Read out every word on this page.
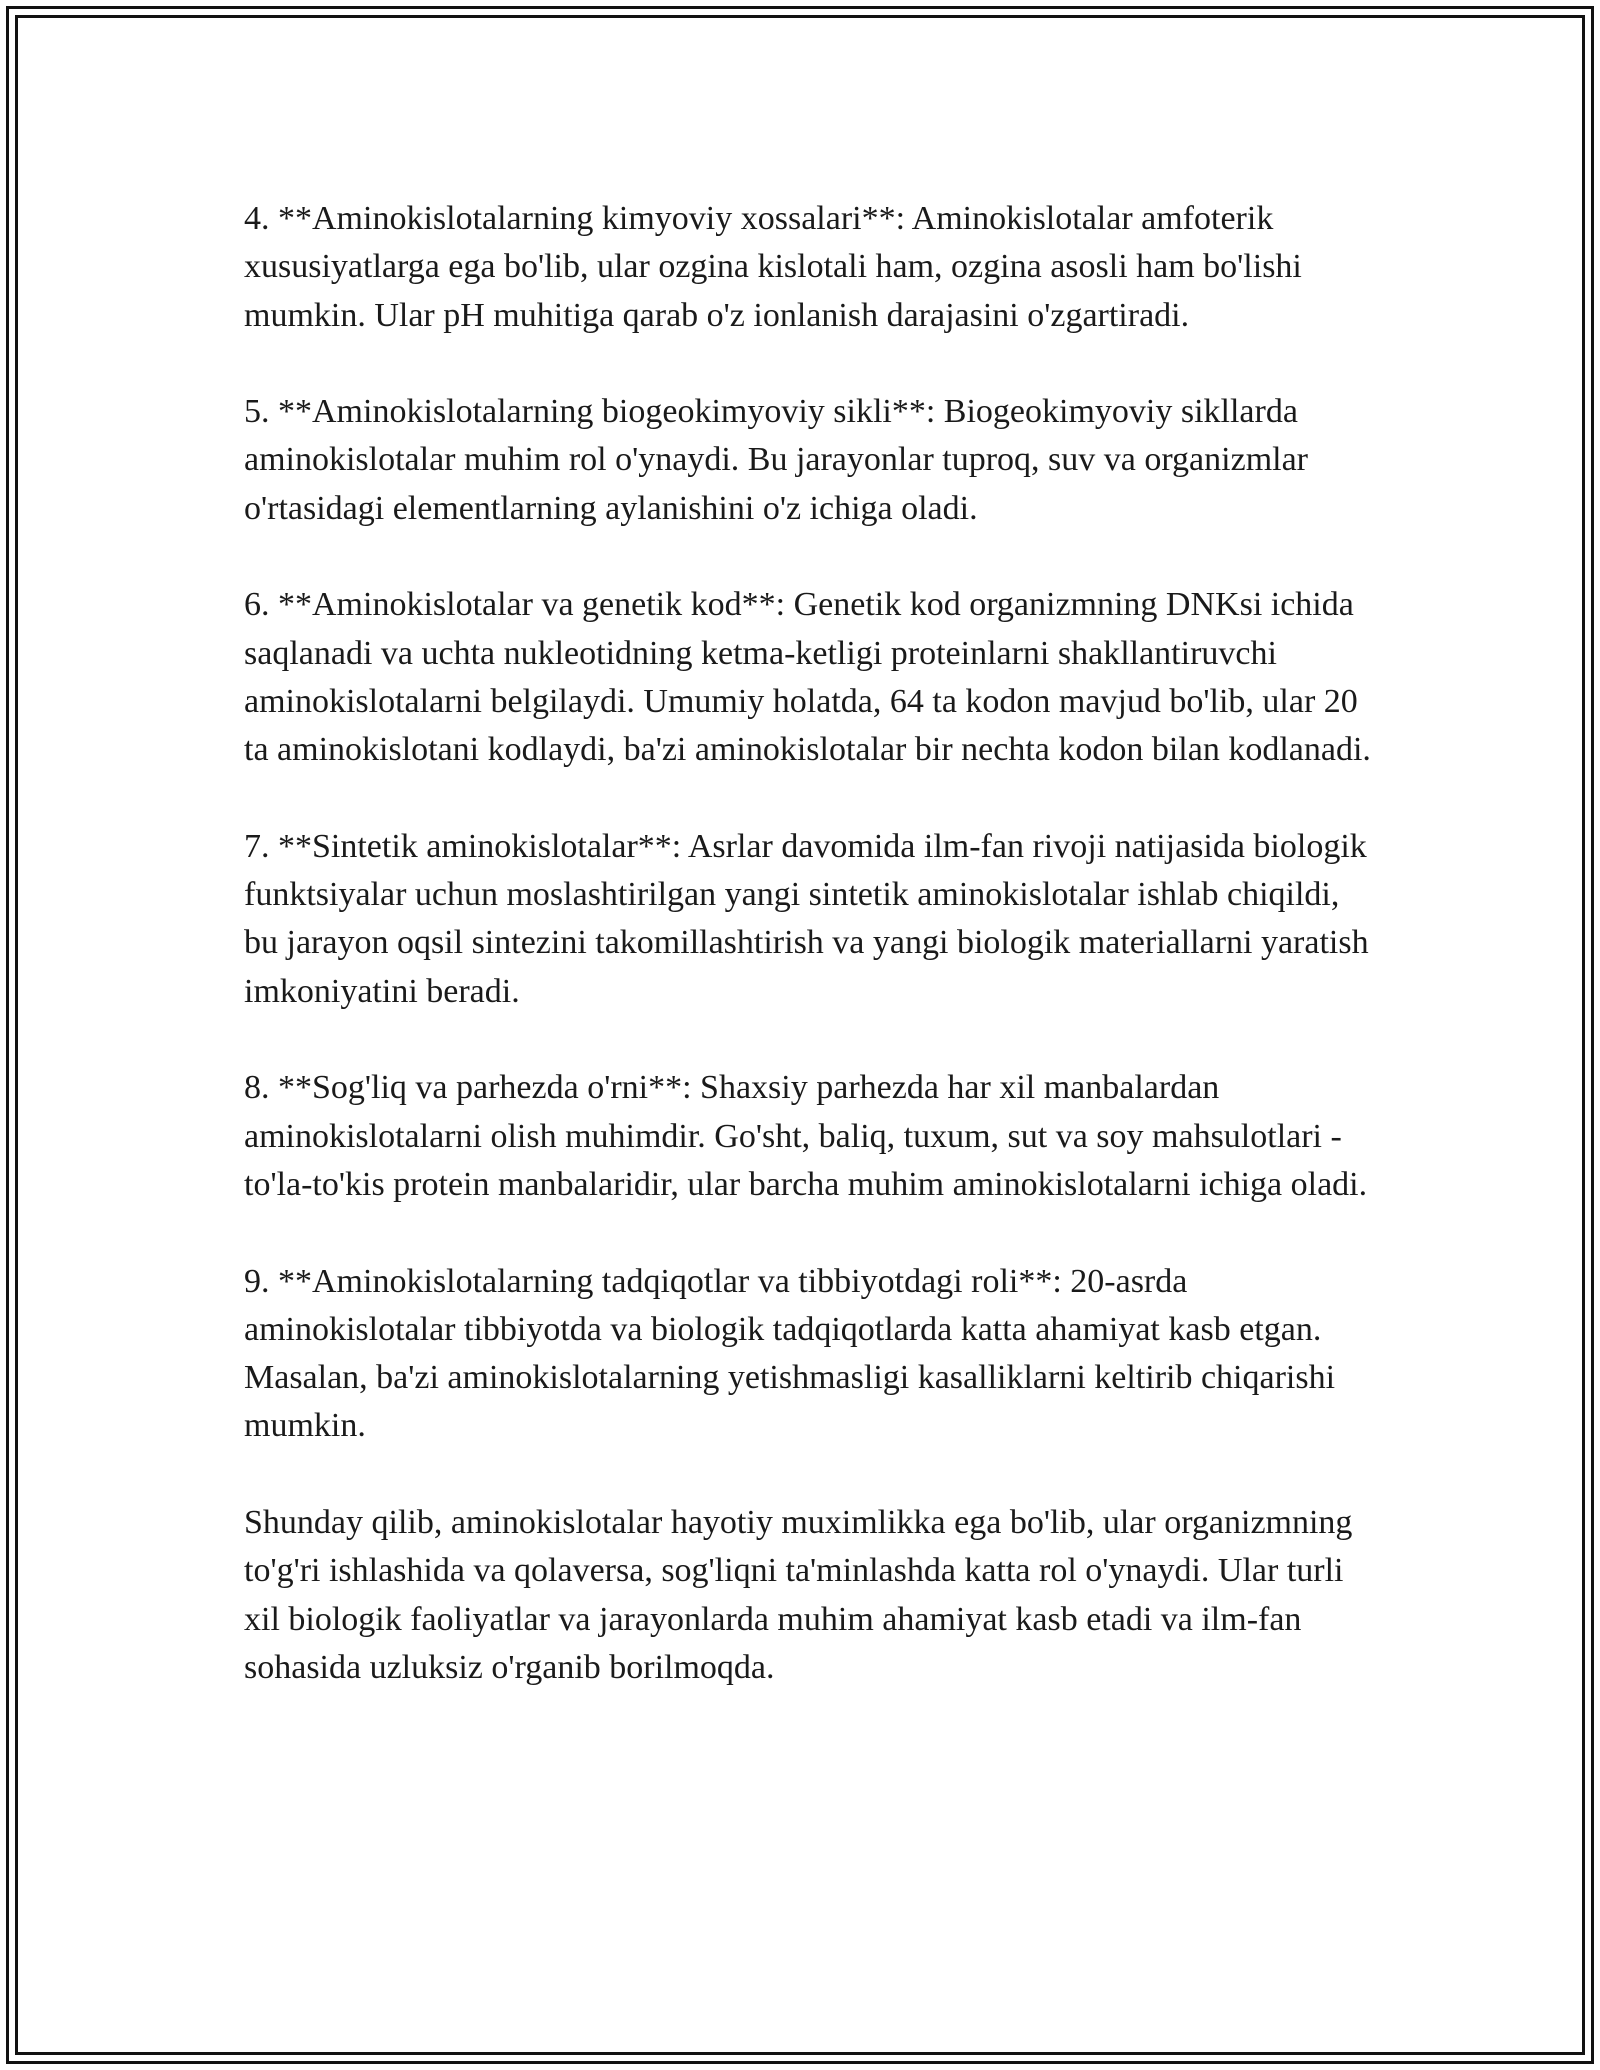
4. **Aminokislotalarning kimyoviy xossalari**: Aminokislotalar amfoterik xususiyatlarga ega bo'lib, ular ozgina kislotali ham, ozgina asosli ham bo'lishi mumkin. Ular pH muhitiga qarab o'z ionlanish darajasini o'zgartiradi.

5. **Aminokislotalarning biogeokimyoviy sikli**: Biogeokimyoviy sikllarda aminokislotalar muhim rol o'ynaydi. Bu jarayonlar tuproq, suv va organizmlar o'rtasidagi elementlarning aylanishini o'z ichiga oladi.

6. **Aminokislotalar va genetik kod**: Genetik kod organizmning DNKsi ichida saqlanadi va uchta nukleotidning ketma-ketligi proteinlarni shakllantiruvchi aminokislotalarni belgilaydi. Umumiy holatda, 64 ta kodon mavjud bo'lib, ular 20 ta aminokislotani kodlaydi, ba'zi aminokislotalar bir nechta kodon bilan kodlanadi.

7. **Sintetik aminokislotalar**: Asrlar davomida ilm-fan rivoji natijasida biologik funktsiyalar uchun moslashtirilgan yangi sintetik aminokislotalar ishlab chiqildi, bu jarayon oqsil sintezini takomillashtirish va yangi biologik materiallarni yaratish imkoniyatini beradi.

8. **Sog'liq va parhezda o'rni**: Shaxsiy parhezda har xil manbalardan aminokislotalarni olish muhimdir. Go'sht, baliq, tuxum, sut va soy mahsulotlari - to'la-to'kis protein manbalaridir, ular barcha muhim aminokislotalarni ichiga oladi.

9. **Aminokislotalarning tadqiqotlar va tibbiyotdagi roli**: 20-asrda aminokislotalar tibbiyotda va biologik tadqiqotlarda katta ahamiyat kasb etgan. Masalan, ba'zi aminokislotalarning yetishmasligi kasalliklarni keltirib chiqarishi mumkin.

Shunday qilib, aminokislotalar hayotiy muximlikka ega bo'lib, ular organizmning to'g'ri ishlashida va qolaversa, sog'liqni ta'minlashda katta rol o'ynaydi. Ular turli xil biologik faoliyatlar va jarayonlarda muhim ahamiyat kasb etadi va ilm-fan sohasida uzluksiz o'rganib borilmoqda.
